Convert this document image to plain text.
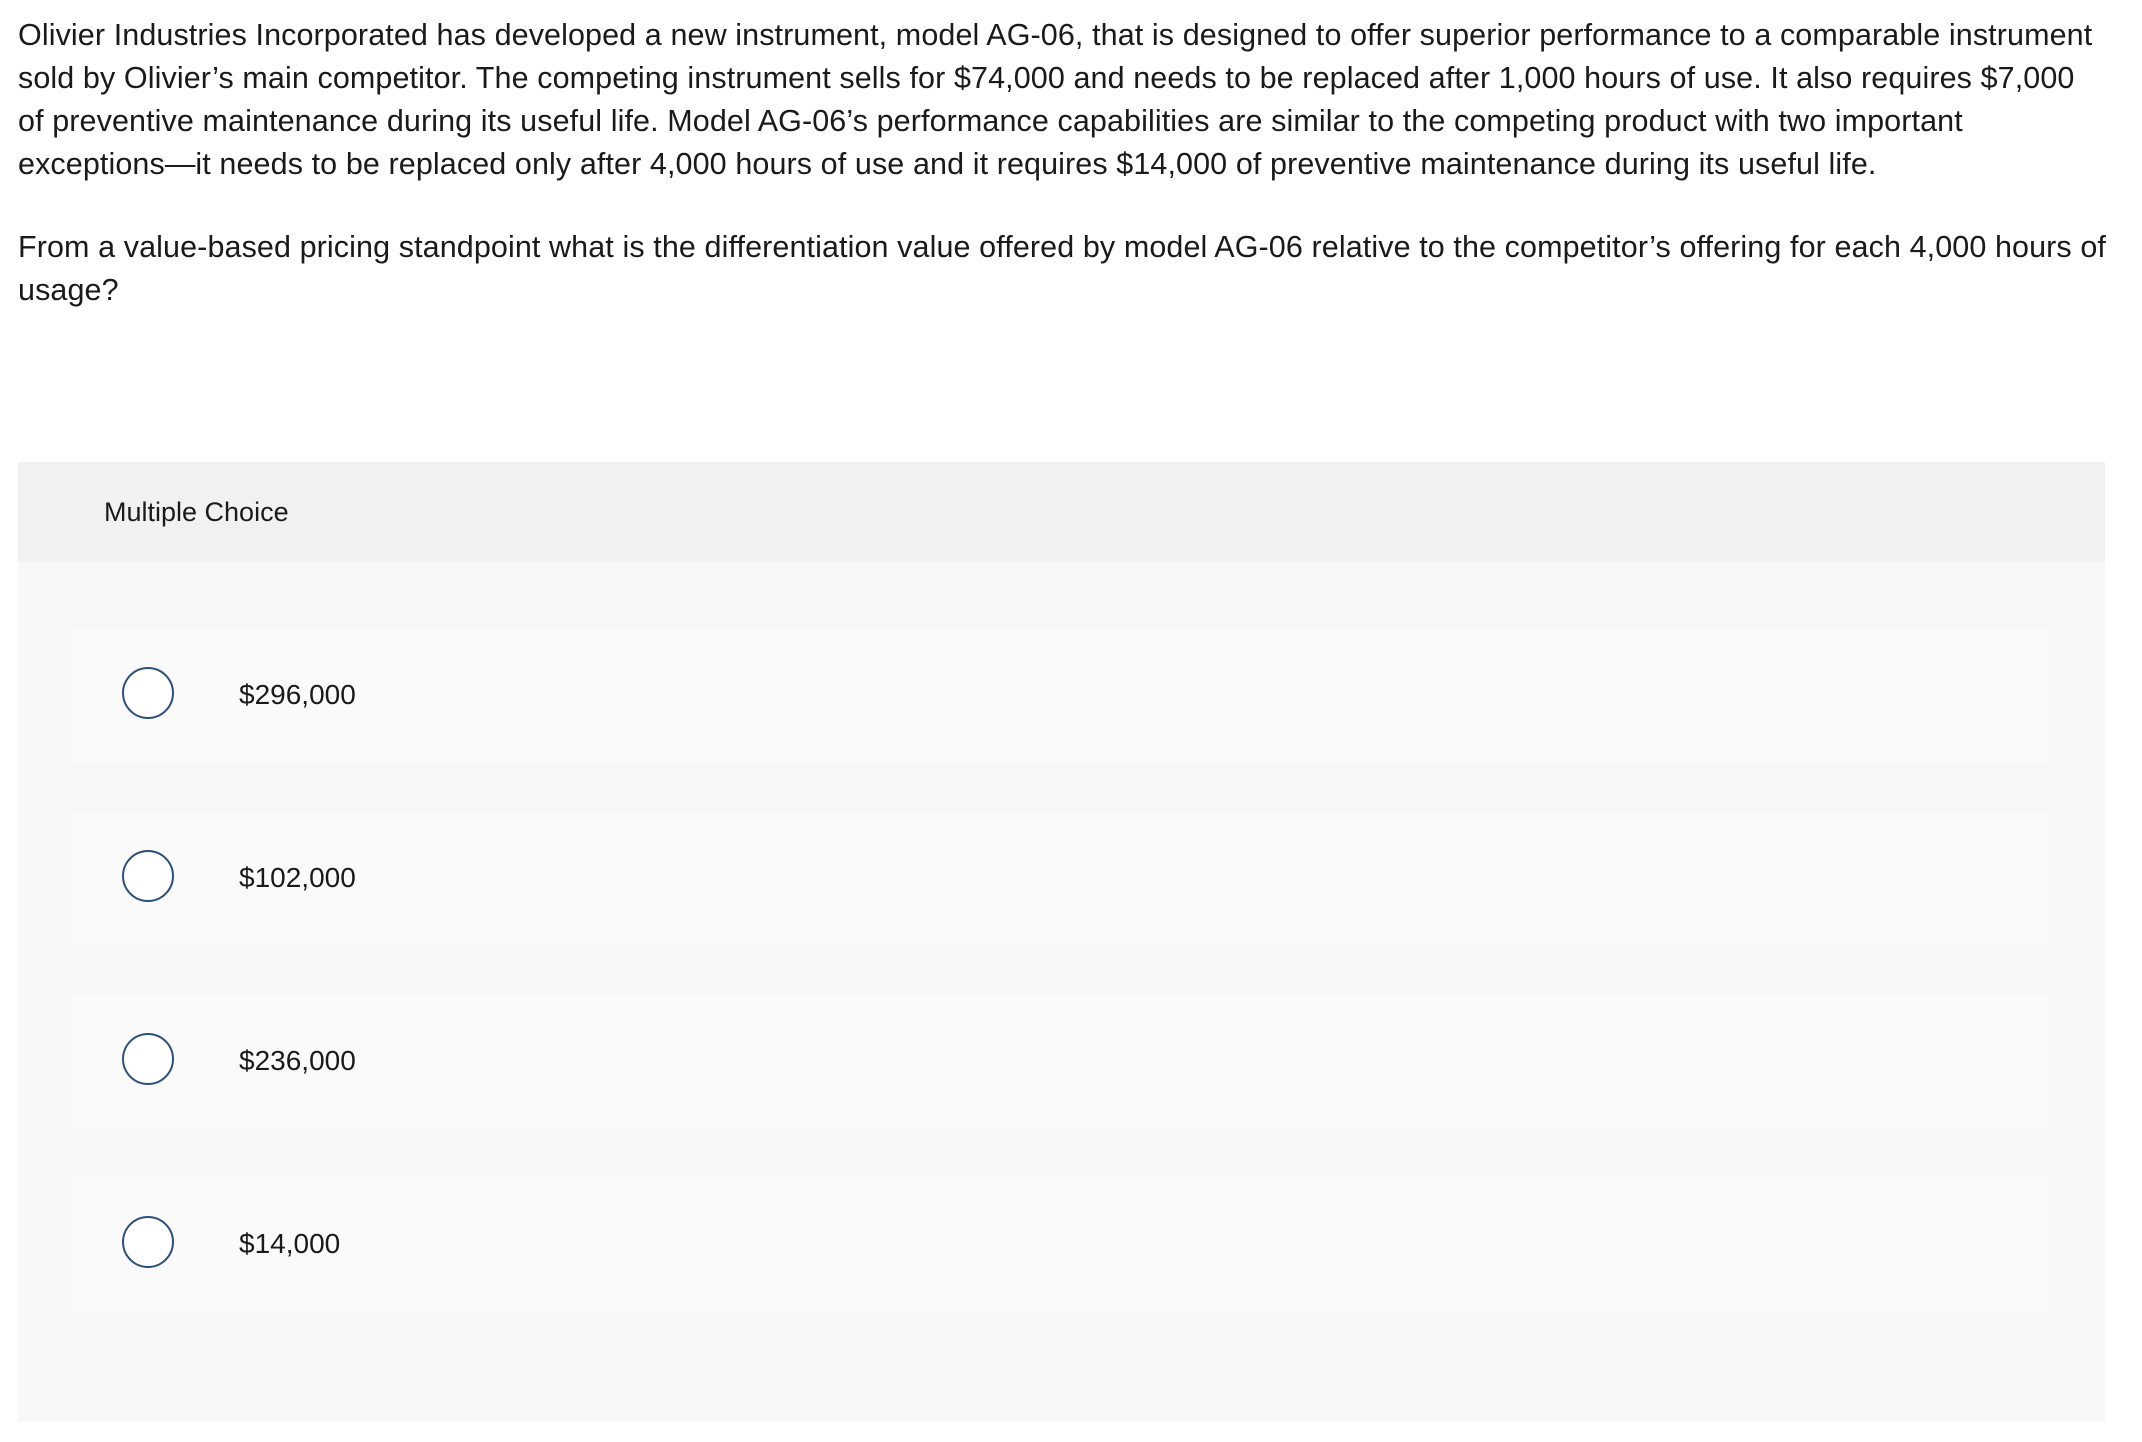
Olivier Industries Incorporated has developed a new instrument, model AG-06, that is designed to offer superior performance to a comparable instrument sold by Olivier’s main competitor. The competing instrument sells for $74,000 and needs to be replaced after 1,000 hours of use. It also requires $7,000 of preventive maintenance during its useful life. Model AG-06’s performance capabilities are similar to the competing product with two important exceptions—it needs to be replaced only after 4,000 hours of use and it requires $14,000 of preventive maintenance during its useful life.

From a value-based pricing standpoint what is the differentiation value offered by model AG-06 relative to the competitor’s offering for each 4,000 hours of usage?

Multiple Choice
$296,000
$102,000
$236,000
$14,000
